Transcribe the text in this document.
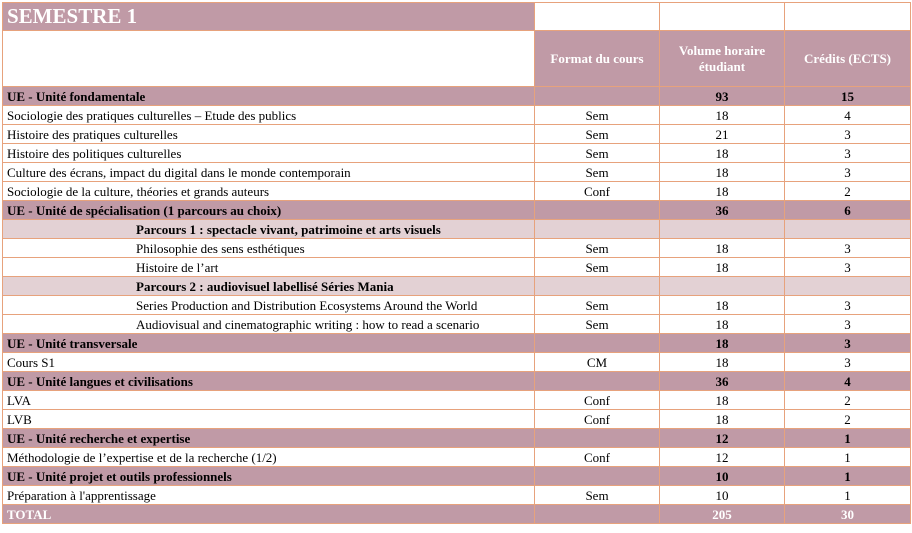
SEMESTRE 1			
	Format du cours	Volume horaire étudiant	Crédits (ECTS)
UE - Unité fondamentale		93	15
Sociologie des pratiques culturelles – Etude des publics	Sem	18	4
Histoire des pratiques culturelles	Sem	21	3
Histoire des politiques culturelles	Sem	18	3
Culture des écrans, impact du digital dans le monde contemporain	Sem	18	3
Sociologie de la culture, théories et grands auteurs	Conf	18	2
UE - Unité de spécialisation (1 parcours au choix)		36	6
Parcours 1 : spectacle vivant, patrimoine et arts visuels			
Philosophie des sens esthétiques	Sem	18	3
Histoire de l’art	Sem	18	3
Parcours 2 : audiovisuel labellisé Séries Mania			
Series Production and Distribution Ecosystems Around the World	Sem	18	3
Audiovisual and cinematographic writing : how to read a scenario	Sem	18	3
UE - Unité transversale		18	3
Cours S1	CM	18	3
UE - Unité langues et civilisations		36	4
LVA	Conf	18	2
LVB	Conf	18	2
UE - Unité recherche et expertise		12	1
Méthodologie de l’expertise et de la recherche (1/2)	Conf	12	1
UE - Unité projet et outils professionnels		10	1
Préparation à l'apprentissage	Sem	10	1
TOTAL		205	30
